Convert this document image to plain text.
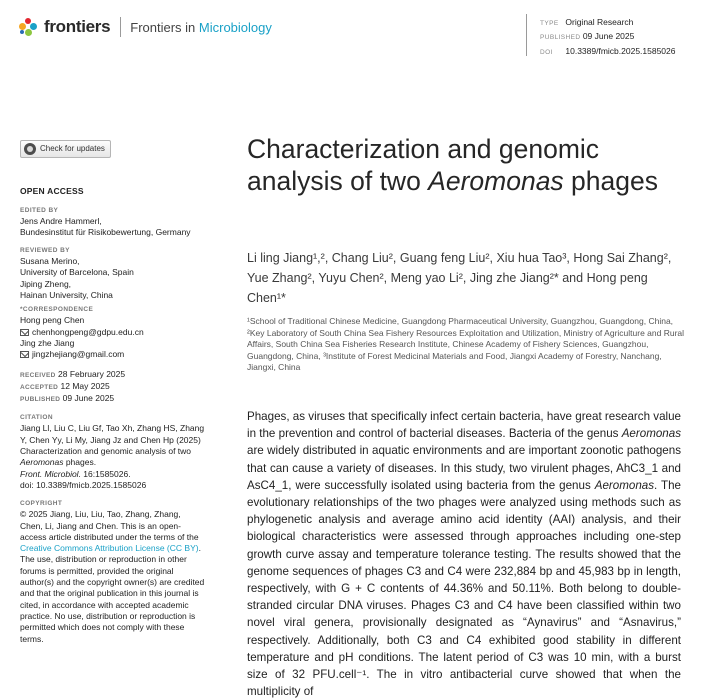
frontiers Frontiers in Microbiology	TYPE Original Research
PUBLISHED 09 June 2025
DOI 10.3389/fmicb.2025.1585026
Check for updates
OPEN ACCESS
EDITED BY
Jens Andre Hammerl,
Bundesinstitut für Risikobewertung, Germany
REVIEWED BY
Susana Merino,
University of Barcelona, Spain
Jiping Zheng,
Hainan University, China
*CORRESPONDENCE
Hong peng Chen
chenhongpeng@gdpu.edu.cn
Jing zhe Jiang
jingzhejiang@gmail.com
RECEIVED 28 February 2025
ACCEPTED 12 May 2025
PUBLISHED 09 June 2025
CITATION
Jiang Ll, Liu C, Liu Gf, Tao Xh, Zhang HS, Zhang Y, Chen Yy, Li My, Jiang Jz and Chen Hp (2025) Characterization and genomic analysis of two Aeromonas phages.
Front. Microbiol. 16:1585026.
doi: 10.3389/fmicb.2025.1585026
COPYRIGHT
© 2025 Jiang, Liu, Liu, Tao, Zhang, Zhang, Chen, Li, Jiang and Chen. This is an open-access article distributed under the terms of the Creative Commons Attribution License (CC BY). The use, distribution or reproduction in other forums is permitted, provided the original author(s) and the copyright owner(s) are credited and that the original publication in this journal is cited, in accordance with accepted academic practice. No use, distribution or reproduction is permitted which does not comply with these terms.
Characterization and genomic analysis of two Aeromonas phages
Li ling Jiang¹,², Chang Liu², Guang feng Liu², Xiu hua Tao³, Hong Sai Zhang², Yue Zhang², Yuyu Chen², Meng yao Li², Jing zhe Jiang²* and Hong peng Chen¹*
¹School of Traditional Chinese Medicine, Guangdong Pharmaceutical University, Guangzhou, Guangdong, China, ²Key Laboratory of South China Sea Fishery Resources Exploitation and Utilization, Ministry of Agriculture and Rural Affairs, South China Sea Fisheries Research Institute, Chinese Academy of Fishery Sciences, Guangzhou, Guangdong, China, ³Institute of Forest Medicinal Materials and Food, Jiangxi Academy of Forestry, Nanchang, Jiangxi, China
Phages, as viruses that specifically infect certain bacteria, have great research value in the prevention and control of bacterial diseases. Bacteria of the genus Aeromonas are widely distributed in aquatic environments and are important zoonotic pathogens that can cause a variety of diseases. In this study, two virulent phages, AhC3_1 and AsC4_1, were successfully isolated using bacteria from the genus Aeromonas. The evolutionary relationships of the two phages were analyzed using methods such as phylogenetic analysis and average amino acid identity (AAI) analysis, and their biological characteristics were assessed through approaches including one-step growth curve assay and temperature tolerance testing. The results showed that the genome sequences of phages C3 and C4 were 232,884 bp and 45,983 bp in length, respectively, with G + C contents of 44.36% and 50.11%. Both belong to double-stranded circular DNA viruses. Phages C3 and C4 have been classified within two novel viral genera, provisionally designated as “Aynavirus” and “Asnavirus,” respectively. Additionally, both C3 and C4 exhibited good stability in different temperature and pH conditions. The latent period of C3 was 10 min, with a burst size of 32 PFU.cell⁻¹. The in vitro antibacterial curve showed that when the multiplicity of
